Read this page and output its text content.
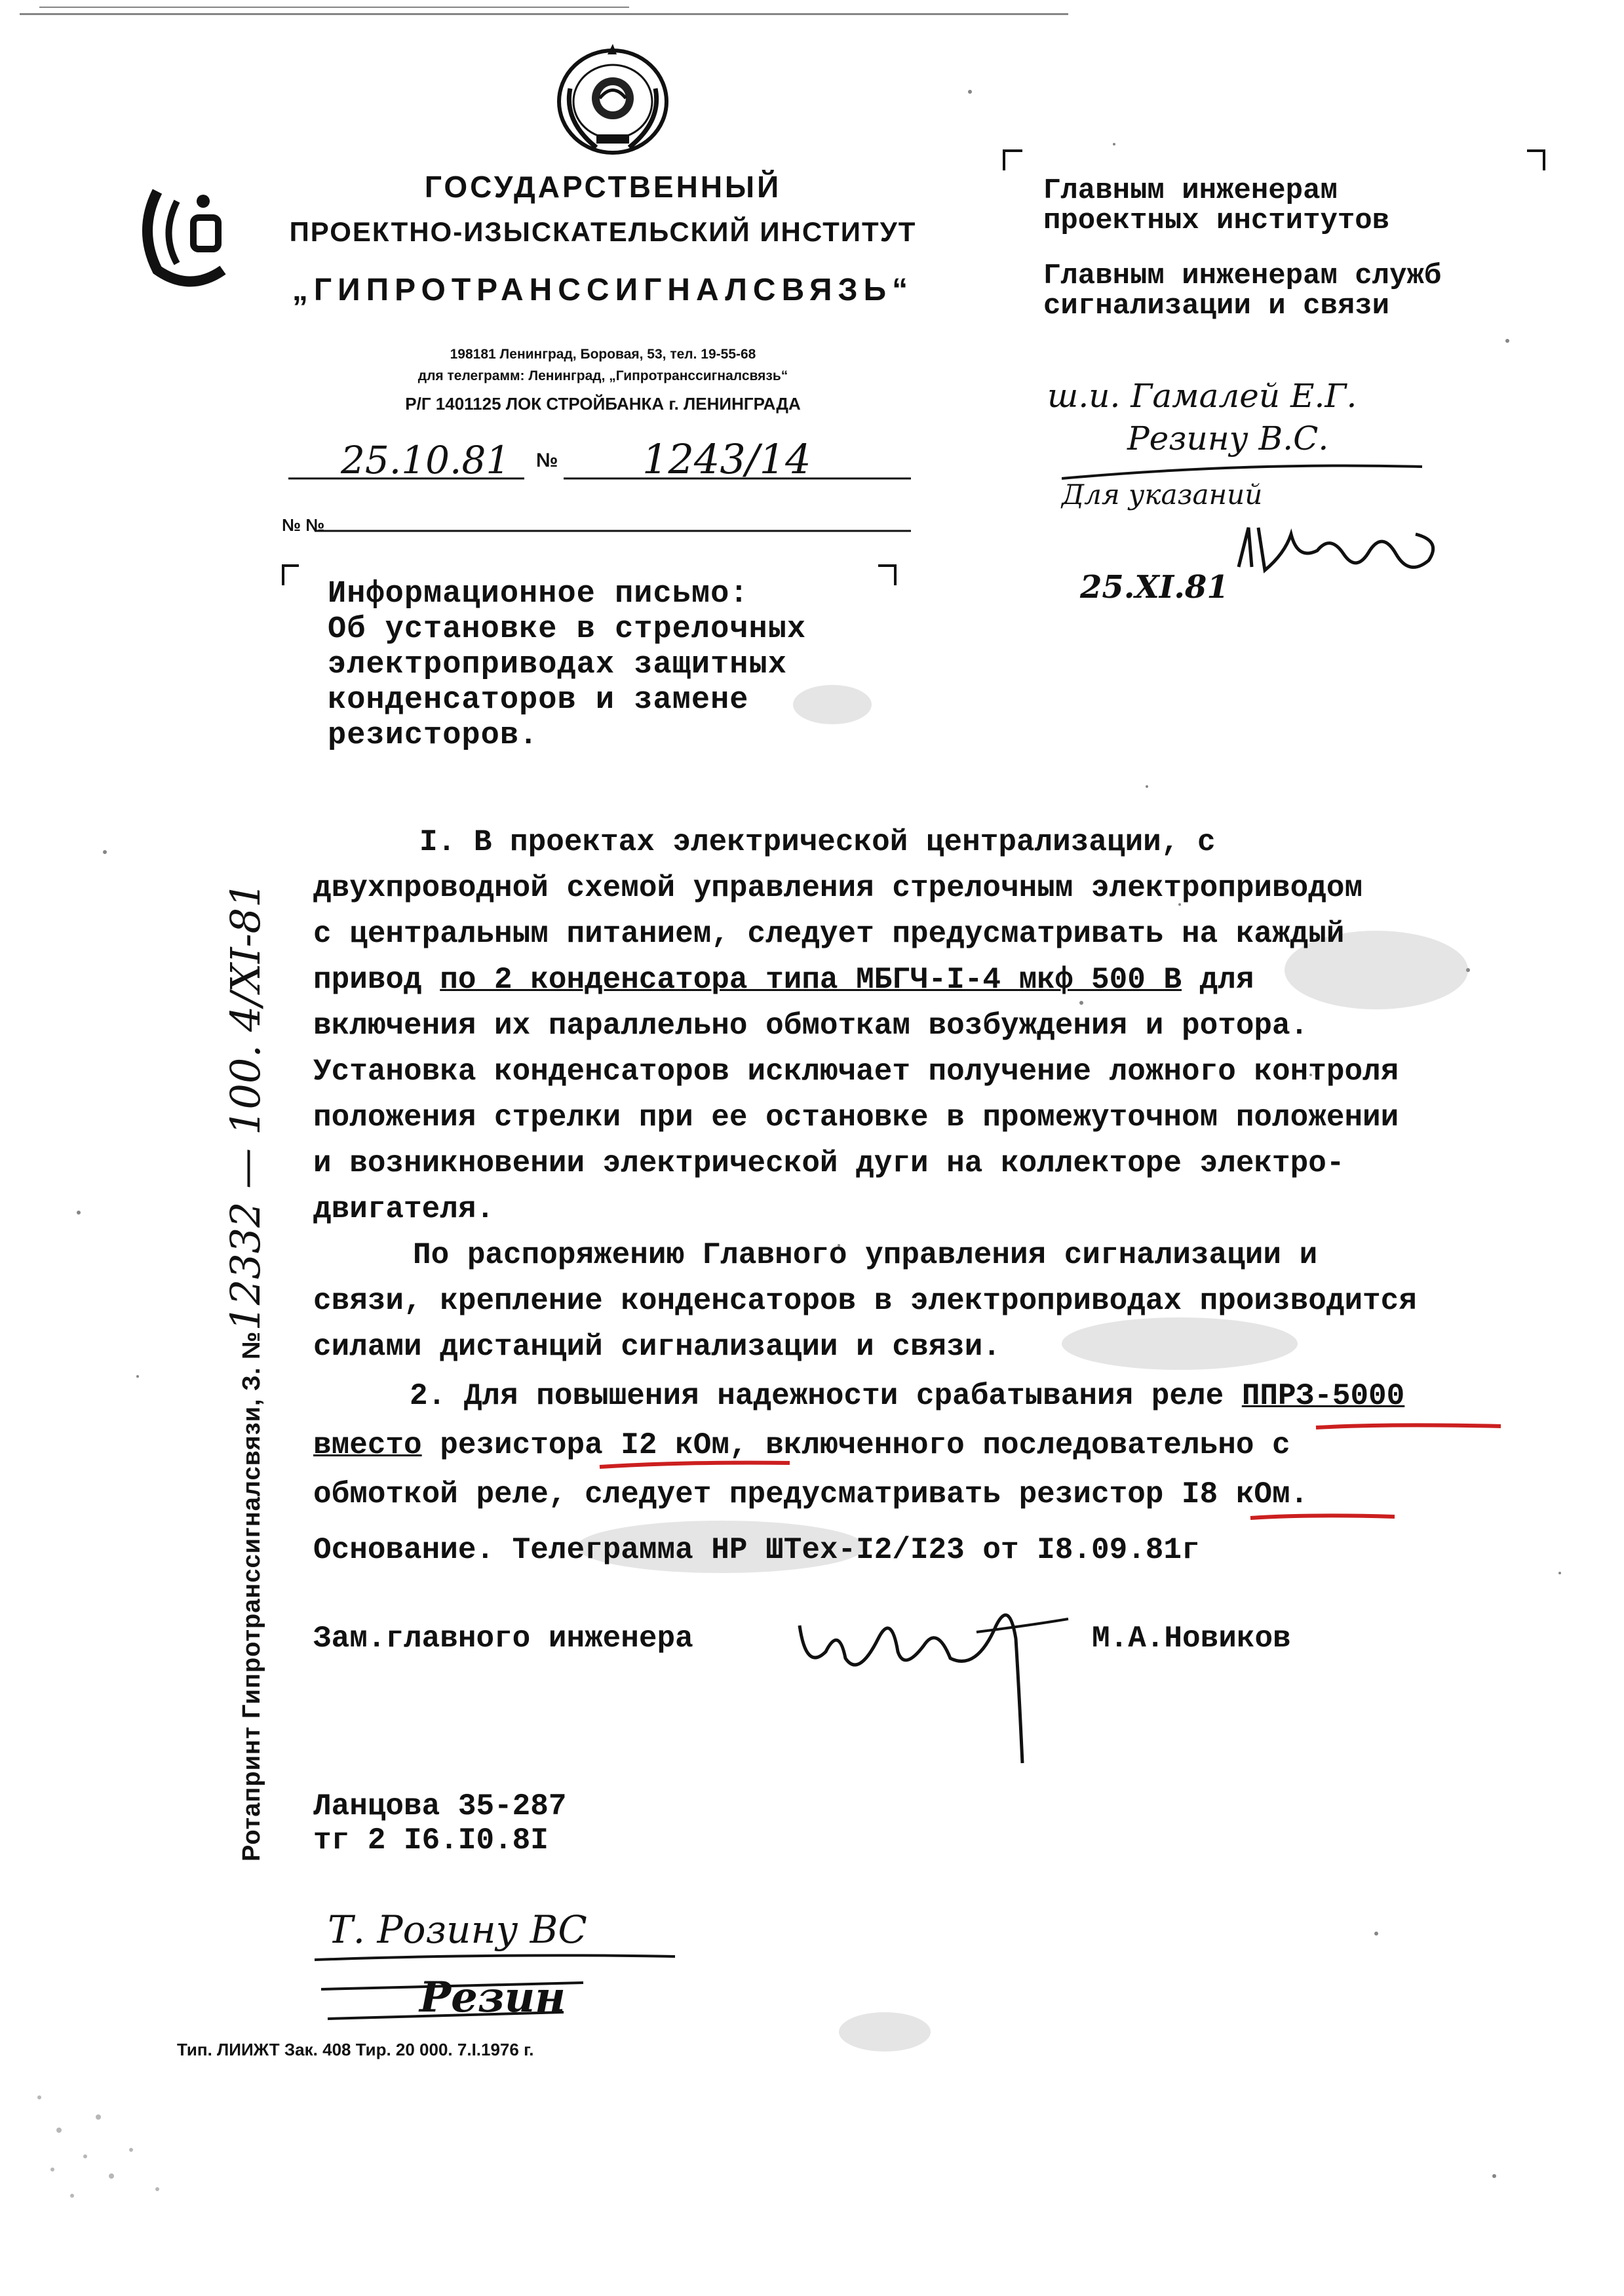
ГОСУДАРСТВЕННЫЙ
ПРОЕКТНО-ИЗЫСКАТЕЛЬСКИЙ ИНСТИТУТ
„ГИПРОТРАНССИГНАЛСВЯЗЬ“
198181 Ленинград, Боровая, 53, тел. 19-55-68
для телеграмм: Ленинград, „Гипротранссигналсвязь“
Р/Г 1401125 ЛОК СТРОЙБАНКА г. ЛЕНИНГРАДА
25.10.81 № 1243/14
№ №
Главным инженерам
проектных институтов
Главным инженерам служб
сигнализации и связи
ш.и. Гамалей Е.Г.
Резину В.С.
Для указаний
25.XI.81
Информационное письмо:
Об установке в стрелочных
электроприводах защитных
конденсаторов и замене
резисторов.
I. В проектах электрической централизации, с
двухпроводной схемой управления стрелочным электроприводом
с центральным питанием, следует предусматривать на каждый
привод по 2 конденсатора типа МБГЧ-I-4 мкф 500 В для
включения их параллельно обмоткам возбуждения и ротора.
Установка конденсаторов исключает получение ложного контроля
положения стрелки при ее остановке в промежуточном положении
и возникновении электрической дуги на коллекторе электро-
двигателя.
По распоряжению Главного управления сигнализации и
связи, крепление конденсаторов в электроприводах производится
силами дистанций сигнализации и связи.
2. Для повышения надежности срабатывания реле ППРЗ-5000
вместо резистора I2 кОм, включенного последовательно с
обмоткой реле, следует предусматривать резистор I8 кОм.
Основание. Телеграмма НР ШТех-I2/I23 от I8.09.81г
Зам.главного инженера	М.А.Новиков
Ланцова 35-287
тг 2 I6.I0.8I
Т. Розину ВС
Резин
Тип. ЛИИЖТ Зак. 408 Тир. 20 000. 7.I.1976 г.
Ротапринт Гипротранссигналсвязи, З. №12332 — 100. 4/XI-81
